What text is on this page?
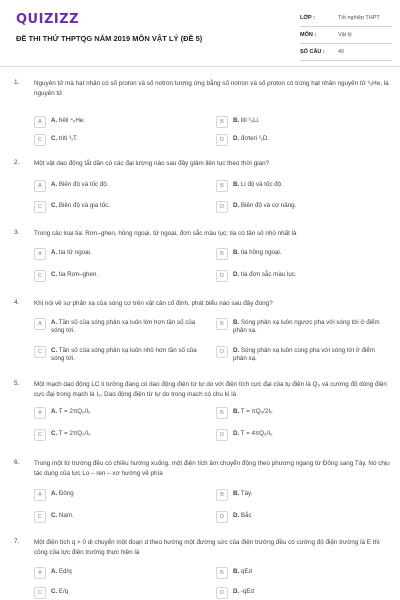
QUIZIZZ
ĐỀ THI THỬ THPTQG NĂM 2019 MÔN VẬT LÝ (ĐỀ 5)
LỚP :	Tốt nghiệp THPT
MÔN :	Vật lý
SỐ CÂU : 40
1. Nguyên tử mà hạt nhân có số proton và số notron tương ứng bằng số notron và số proton có trong hạt nhân nguyên tử ³₂He, là nguyên tử
A	A. hêli ⁴₂He.	B	B. liti ³₃Li.
C	C. triti ³₁T.	D	D. đơteri ²₁D.
2. Một vật dao động tắt dần có các đại lượng nào sau đây giảm liên tục theo thời gian?
A	A. Biên độ và tốc độ.	B	B. Li độ và tốc độ.
C	C. Biên độ và gia tốc.	D	D. Biên độ và cơ năng.
3. Trong các loại tia: Rơn–ghen, hồng ngoại, tử ngoại, đơn sắc màu lục; tia có tần số nhỏ nhất là
A	A. tia tử ngoại.	B	B. tia hồng ngoại.
C	C. tia Rơn–ghen.	D	D. tia đơn sắc màu lục.
4. Khi nói về sự phản xạ của sóng cơ trên vật cản cố định, phát biểu nào sau đây đúng?
A	A. Tần số của sóng phản xạ luôn lớn hơn tần số của sóng tới.
B	B. Sóng phản xạ luôn ngược pha với sóng tới ở điểm phản xạ.
C	C. Tần số của sóng phản xạ luôn nhỏ hơn tần số của sóng tới.
D	D. Sóng phản xạ luôn cùng pha với sóng tới ở điểm phản xạ.
5. Một mạch dao động LC lí tưởng đang có dao động điện từ tự do với điện tích cực đại của tụ điện là Q₀ và cường độ dòng điện cực đại trong mạch là I₀. Dao động điện từ tự do trong mạch có chu kì là
A	A. T = 2πQ₀/I₀	B	B. T = πQ₀/2I₀
C	C. T = 2πQ₀/I₀	D	D. T = 4πQ₀/I₀
6. Trong một từ trường đều có chiều hướng xuống, một điện tích âm chuyển động theo phương ngang từ Đông sang Tây. Nó chịu tác dụng của lực Lo – ren – xơ hướng về phía
A	A. Đông	B	B. Tây.
C	C. Nam.	D	D. Bắc
7. Một điện tích q > 0 di chuyển một đoạn d theo hướng một đường sức của điện trường đều có cường độ điện trường là E thì công của lực điện trường thực hiện là
A	A. Ed/q	B	B. qEd
C	C. E/q	D	D. -qEd
